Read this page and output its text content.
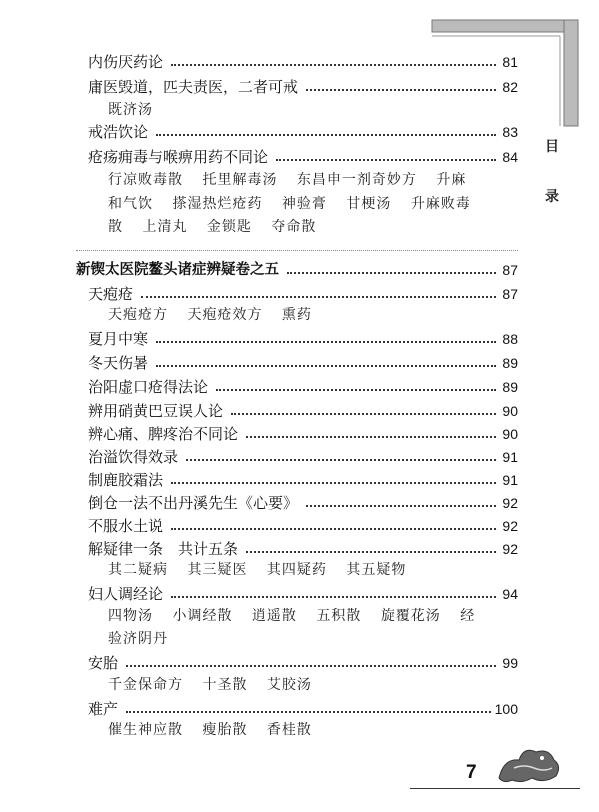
目
录
内伤厌药论	81
庸医毁道，匹夫责医，二者可戒	82
既济汤
戒浩饮论	83
疮疡痈毒与喉痹用药不同论	84
行凉败毒散 托里解毒汤 东昌申一剂奇妙方 升麻
和气饮 搽湿热烂疮药 神验膏 甘梗汤 升麻败毒
散 上清丸 金锁匙 夺命散
新锲太医院鳌头诸症辨疑卷之五	87
天疱疮	87
天疱疮方 天疱疮效方 熏药
夏月中寒	88
冬天伤暑	89
治阳虚口疮得法论	89
辨用硝黄巴豆误人论	90
辨心痛、脾疼治不同论	90
治溢饮得效录	91
制鹿胶霜法	91
倒仓一法不出丹溪先生《心要》	92
不服水土说	92
解疑律一条　共计五条	92
其二疑病 其三疑医 其四疑药 其五疑物
妇人调经论	94
四物汤 小调经散 逍遥散 五积散 旋覆花汤 经
验济阴丹
安胎	99
千金保命方 十圣散 艾胶汤
难产	100
催生神应散 瘦胎散 香桂散
7
